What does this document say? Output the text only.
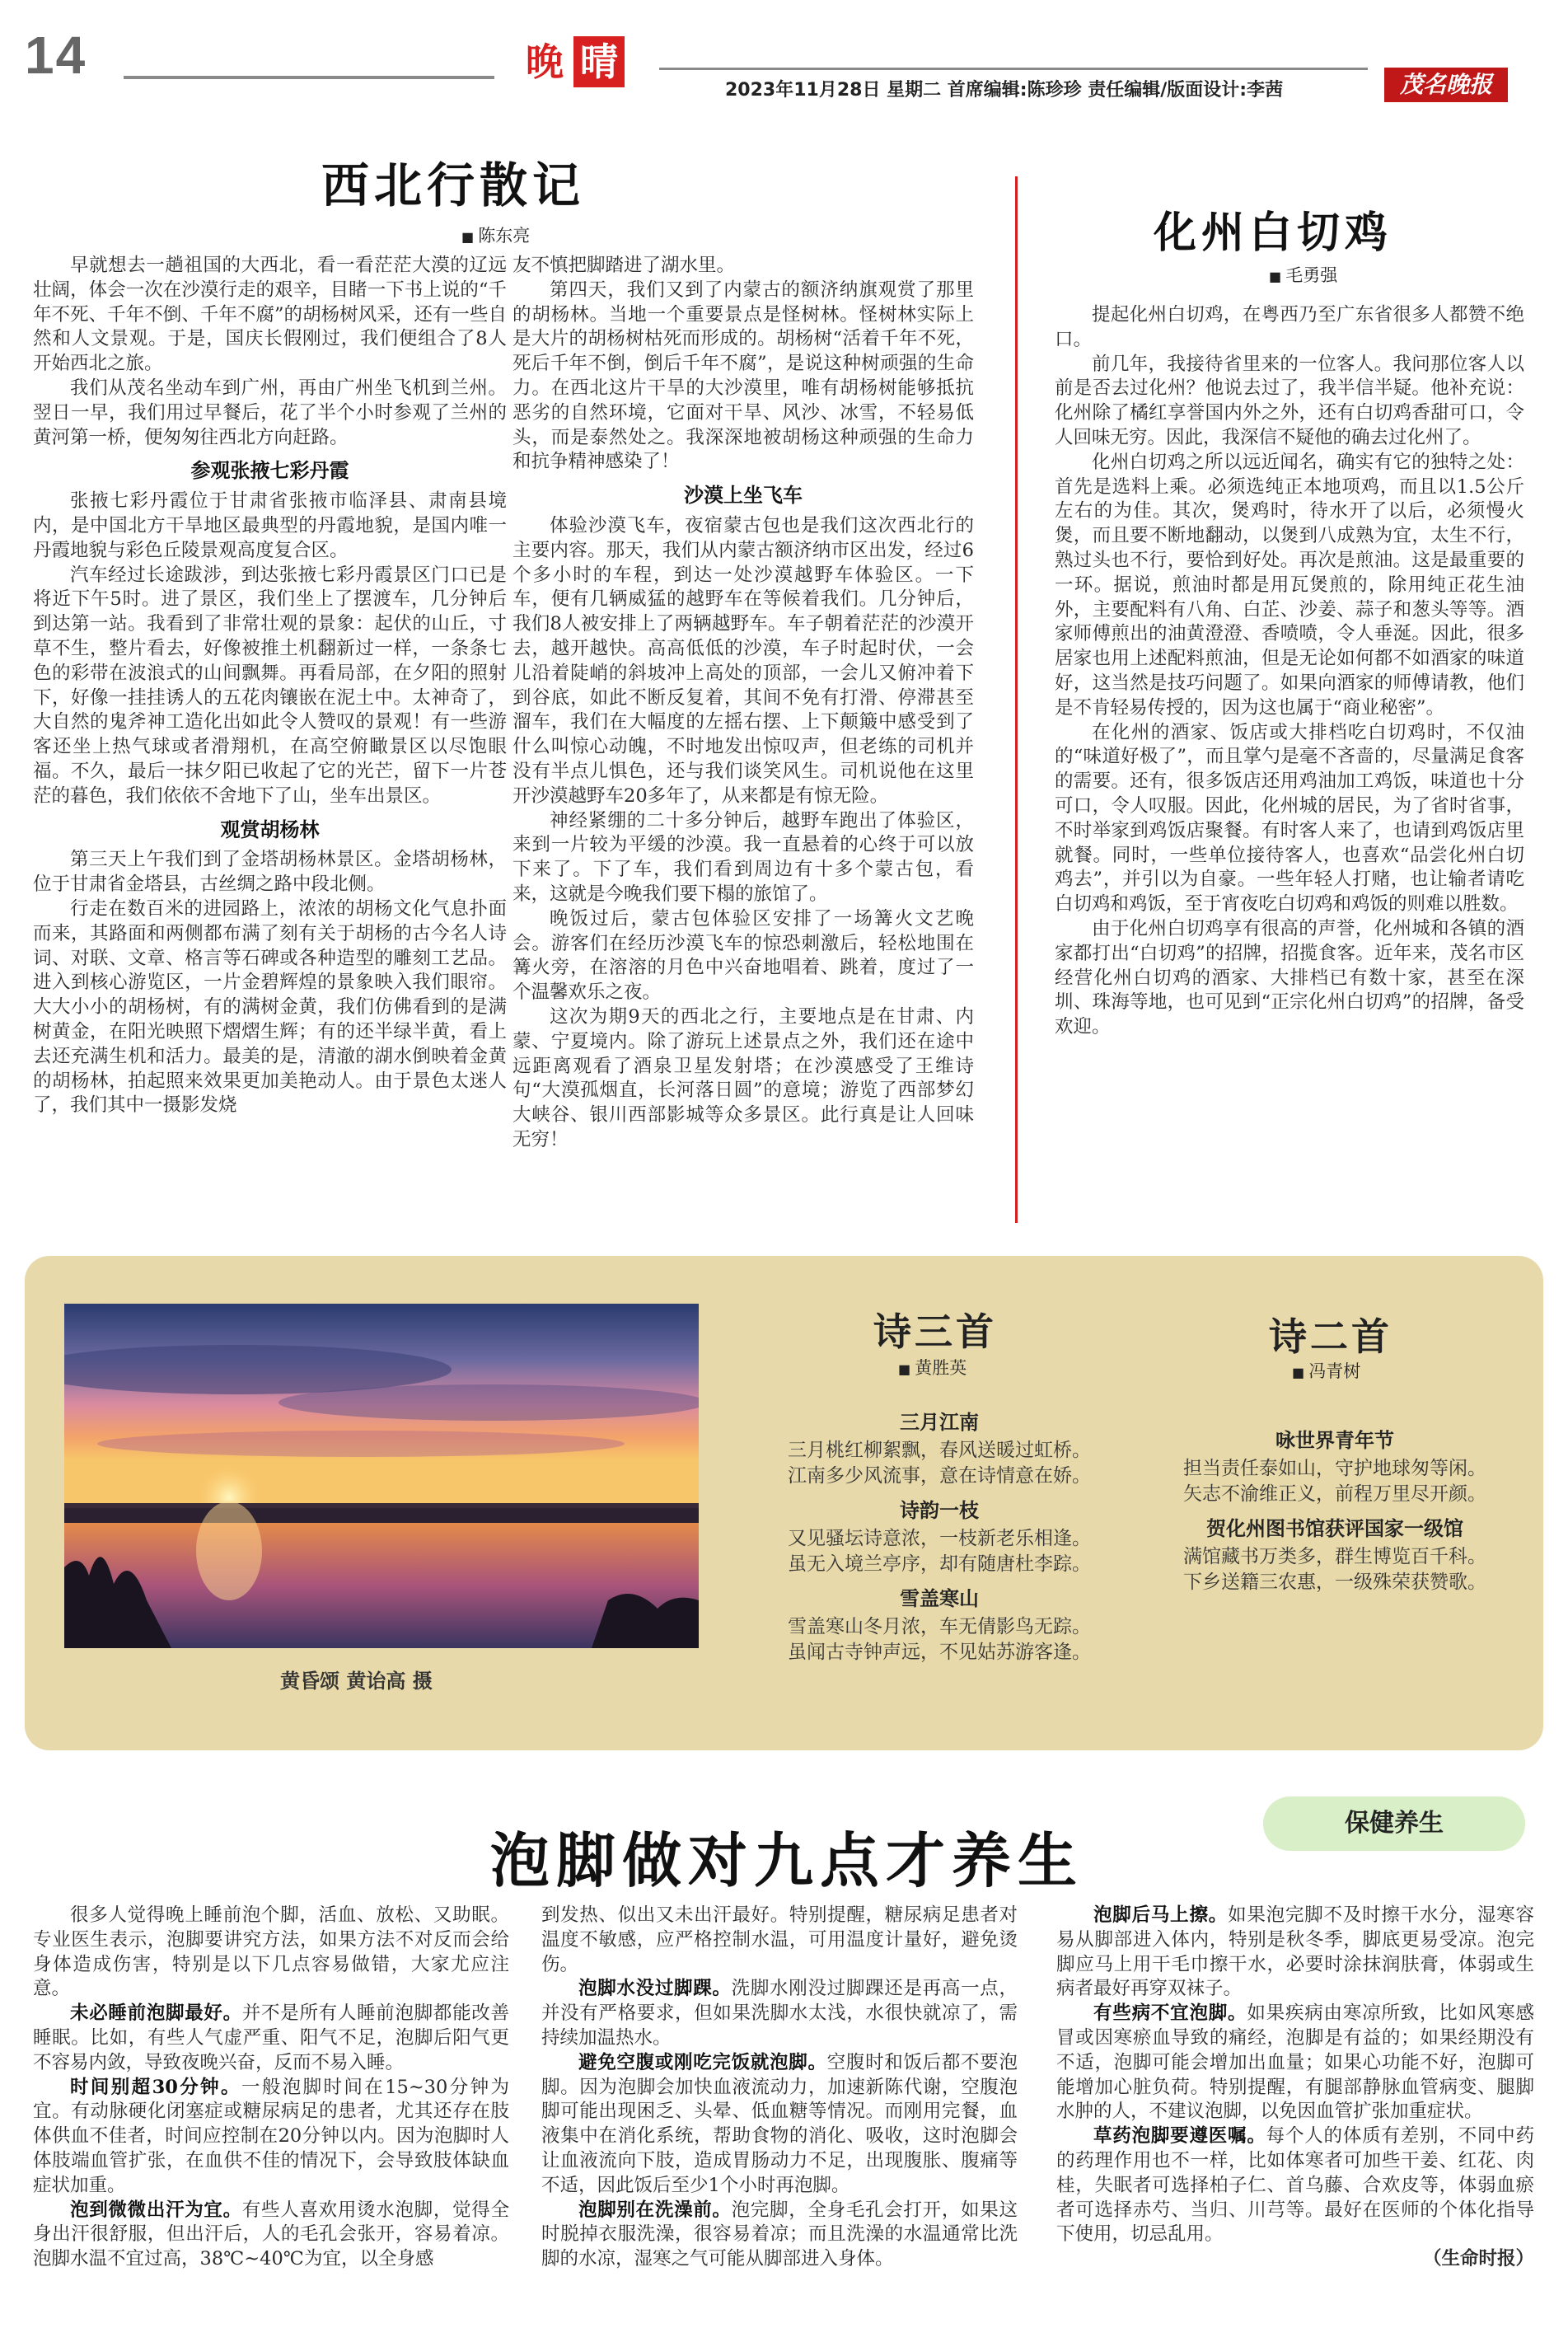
14	晚 晴
2023年11月28日 星期二 首席编辑:陈珍珍 责任编辑/版面设计:李茜	茂名晚报
西北行散记
■ 陈东亮

早就想去一趟祖国的大西北，看一看茫茫大漠的辽远壮阔，体会一次在沙漠行走的艰辛，目睹一下书上说的“千年不死、千年不倒、千年不腐”的胡杨树风采，还有一些自然和人文景观。于是，国庆长假刚过，我们便组合了8人开始西北之旅。

我们从茂名坐动车到广州，再由广州坐飞机到兰州。翌日一早，我们用过早餐后，花了半个小时参观了兰州的黄河第一桥，便匆匆往西北方向赶路。

参观张掖七彩丹霞

张掖七彩丹霞位于甘肃省张掖市临泽县、肃南县境内，是中国北方干旱地区最典型的丹霞地貌，是国内唯一丹霞地貌与彩色丘陵景观高度复合区。

汽车经过长途跋涉，到达张掖七彩丹霞景区门口已是将近下午5时。进了景区，我们坐上了摆渡车，几分钟后到达第一站。我看到了非常壮观的景象：起伏的山丘，寸草不生，整片看去，好像被推土机翻新过一样，一条条七色的彩带在波浪式的山间飘舞。再看局部，在夕阳的照射下，好像一挂挂诱人的五花肉镶嵌在泥土中。太神奇了，大自然的鬼斧神工造化出如此令人赞叹的景观！有一些游客还坐上热气球或者滑翔机，在高空俯瞰景区以尽饱眼福。不久，最后一抹夕阳已收起了它的光芒，留下一片苍茫的暮色，我们依依不舍地下了山，坐车出景区。

观赏胡杨林

第三天上午我们到了金塔胡杨林景区。金塔胡杨林，位于甘肃省金塔县，古丝绸之路中段北侧。

行走在数百米的进园路上，浓浓的胡杨文化气息扑面而来，其路面和两侧都布满了刻有关于胡杨的古今名人诗词、对联、文章、格言等石碑或各种造型的雕刻工艺品。进入到核心游览区，一片金碧辉煌的景象映入我们眼帘。大大小小的胡杨树，有的满树金黄，我们仿佛看到的是满树黄金，在阳光映照下熠熠生辉；有的还半绿半黄，看上去还充满生机和活力。最美的是，清澈的湖水倒映着金黄的胡杨林，拍起照来效果更加美艳动人。由于景色太迷人了，我们其中一摄影发烧

友不慎把脚踏进了湖水里。

第四天，我们又到了内蒙古的额济纳旗观赏了那里的胡杨林。当地一个重要景点是怪树林。怪树林实际上是大片的胡杨树枯死而形成的。胡杨树“活着千年不死，死后千年不倒，倒后千年不腐”，是说这种树顽强的生命力。在西北这片干旱的大沙漠里，唯有胡杨树能够抵抗恶劣的自然环境，它面对干旱、风沙、冰雪，不轻易低头，而是泰然处之。我深深地被胡杨这种顽强的生命力和抗争精神感染了！

沙漠上坐飞车

体验沙漠飞车，夜宿蒙古包也是我们这次西北行的主要内容。那天，我们从内蒙古额济纳市区出发，经过6个多小时的车程，到达一处沙漠越野车体验区。一下车，便有几辆威猛的越野车在等候着我们。几分钟后，我们8人被安排上了两辆越野车。车子朝着茫茫的沙漠开去，越开越快。高高低低的沙漠，车子时起时伏，一会儿沿着陡峭的斜坡冲上高处的顶部，一会儿又俯冲着下到谷底，如此不断反复着，其间不免有打滑、停滞甚至溜车，我们在大幅度的左摇右摆、上下颠簸中感受到了什么叫惊心动魄，不时地发出惊叹声，但老练的司机并没有半点儿惧色，还与我们谈笑风生。司机说他在这里开沙漠越野车20多年了，从来都是有惊无险。

神经紧绷的二十多分钟后，越野车跑出了体验区，来到一片较为平缓的沙漠。我一直悬着的心终于可以放下来了。下了车，我们看到周边有十多个蒙古包，看来，这就是今晚我们要下榻的旅馆了。

晚饭过后，蒙古包体验区安排了一场篝火文艺晚会。游客们在经历沙漠飞车的惊恐刺激后，轻松地围在篝火旁，在溶溶的月色中兴奋地唱着、跳着，度过了一个温馨欢乐之夜。

这次为期9天的西北之行，主要地点是在甘肃、内蒙、宁夏境内。除了游玩上述景点之外，我们还在途中远距离观看了酒泉卫星发射塔；在沙漠感受了王维诗句“大漠孤烟直，长河落日圆”的意境；游览了西部梦幻大峡谷、银川西部影城等众多景区。此行真是让人回味无穷！

化州白切鸡
■ 毛勇强

提起化州白切鸡，在粤西乃至广东省很多人都赞不绝口。

前几年，我接待省里来的一位客人。我问那位客人以前是否去过化州？他说去过了，我半信半疑。他补充说：化州除了橘红享誉国内外之外，还有白切鸡香甜可口，令人回味无穷。因此，我深信不疑他的确去过化州了。

化州白切鸡之所以远近闻名，确实有它的独特之处：首先是选料上乘。必须选纯正本地项鸡，而且以1.5公斤左右的为佳。其次，煲鸡时，待水开了以后，必须慢火煲，而且要不断地翻动，以煲到八成熟为宜，太生不行，熟过头也不行，要恰到好处。再次是煎油。这是最重要的一环。据说，煎油时都是用瓦煲煎的，除用纯正花生油外，主要配料有八角、白芷、沙姜、蒜子和葱头等等。酒家师傅煎出的油黄澄澄、香喷喷，令人垂涎。因此，很多居家也用上述配料煎油，但是无论如何都不如酒家的味道好，这当然是技巧问题了。如果向酒家的师傅请教，他们是不肯轻易传授的，因为这也属于“商业秘密”。

在化州的酒家、饭店或大排档吃白切鸡时，不仅油的“味道好极了”，而且掌勺是毫不吝啬的，尽量满足食客的需要。还有，很多饭店还用鸡油加工鸡饭，味道也十分可口，令人叹服。因此，化州城的居民，为了省时省事，不时举家到鸡饭店聚餐。有时客人来了，也请到鸡饭店里就餐。同时，一些单位接待客人，也喜欢“品尝化州白切鸡去”，并引以为自豪。一些年轻人打赌，也让输者请吃白切鸡和鸡饭，至于宵夜吃白切鸡和鸡饭的则难以胜数。

由于化州白切鸡享有很高的声誉，化州城和各镇的酒家都打出“白切鸡”的招牌，招揽食客。近年来，茂名市区经营化州白切鸡的酒家、大排档已有数十家，甚至在深圳、珠海等地，也可见到“正宗化州白切鸡”的招牌，备受欢迎。

黄昏颂 黄诒高 摄
诗三首
■ 黄胜英
三月江南
三月桃红柳絮飘，春风送暖过虹桥。
江南多少风流事，意在诗情意在娇。
诗韵一枝
又见骚坛诗意浓，一枝新老乐相逢。
虽无入境兰亭序，却有随唐杜李踪。
雪盖寒山
雪盖寒山冬月浓，车无倩影鸟无踪。
虽闻古寺钟声远，不见姑苏游客逢。
诗二首
■ 冯青树
咏世界青年节
担当责任泰如山，守护地球匆等闲。
矢志不渝维正义，前程万里尽开颜。
贺化州图书馆获评国家一级馆
满馆藏书万类多，群生博览百千科。
下乡送籍三农惠，一级殊荣获赞歌。
泡脚做对九点才养生
保健养生

很多人觉得晚上睡前泡个脚，活血、放松、又助眠。专业医生表示，泡脚要讲究方法，如果方法不对反而会给身体造成伤害，特别是以下几点容易做错，大家尤应注意。

未必睡前泡脚最好。并不是所有人睡前泡脚都能改善睡眠。比如，有些人气虚严重、阳气不足，泡脚后阳气更不容易内敛，导致夜晚兴奋，反而不易入睡。

时间别超30分钟。一般泡脚时间在15~30分钟为宜。有动脉硬化闭塞症或糖尿病足的患者，尤其还存在肢体供血不佳者，时间应控制在20分钟以内。因为泡脚时人体肢端血管扩张，在血供不佳的情况下，会导致肢体缺血症状加重。

泡到微微出汗为宜。有些人喜欢用烫水泡脚，觉得全身出汗很舒服，但出汗后，人的毛孔会张开，容易着凉。泡脚水温不宜过高，38℃~40℃为宜，以全身感

到发热、似出又未出汗最好。特别提醒，糖尿病足患者对温度不敏感，应严格控制水温，可用温度计量好，避免烫伤。

泡脚水没过脚踝。洗脚水刚没过脚踝还是再高一点，并没有严格要求，但如果洗脚水太浅，水很快就凉了，需持续加温热水。

避免空腹或刚吃完饭就泡脚。空腹时和饭后都不要泡脚。因为泡脚会加快血液流动力，加速新陈代谢，空腹泡脚可能出现困乏、头晕、低血糖等情况。而刚用完餐，血液集中在消化系统，帮助食物的消化、吸收，这时泡脚会让血液流向下肢，造成胃肠动力不足，出现腹胀、腹痛等不适，因此饭后至少1个小时再泡脚。

泡脚别在洗澡前。泡完脚，全身毛孔会打开，如果这时脱掉衣服洗澡，很容易着凉；而且洗澡的水温通常比洗脚的水凉，湿寒之气可能从脚部进入身体。

泡脚后马上擦。如果泡完脚不及时擦干水分，湿寒容易从脚部进入体内，特别是秋冬季，脚底更易受凉。泡完脚应马上用干毛巾擦干水，必要时涂抹润肤膏，体弱或生病者最好再穿双袜子。

有些病不宜泡脚。如果疾病由寒凉所致，比如风寒感冒或因寒瘀血导致的痛经，泡脚是有益的；如果经期没有不适，泡脚可能会增加出血量；如果心功能不好，泡脚可能增加心脏负荷。特别提醒，有腿部静脉血管病变、腿脚水肿的人，不建议泡脚，以免因血管扩张加重症状。

草药泡脚要遵医嘱。每个人的体质有差别，不同中药的药理作用也不一样，比如体寒者可加些干姜、红花、肉桂，失眠者可选择柏子仁、首乌藤、合欢皮等，体弱血瘀者可选择赤芍、当归、川芎等。最好在医师的个体化指导下使用，切忌乱用。

（生命时报）
